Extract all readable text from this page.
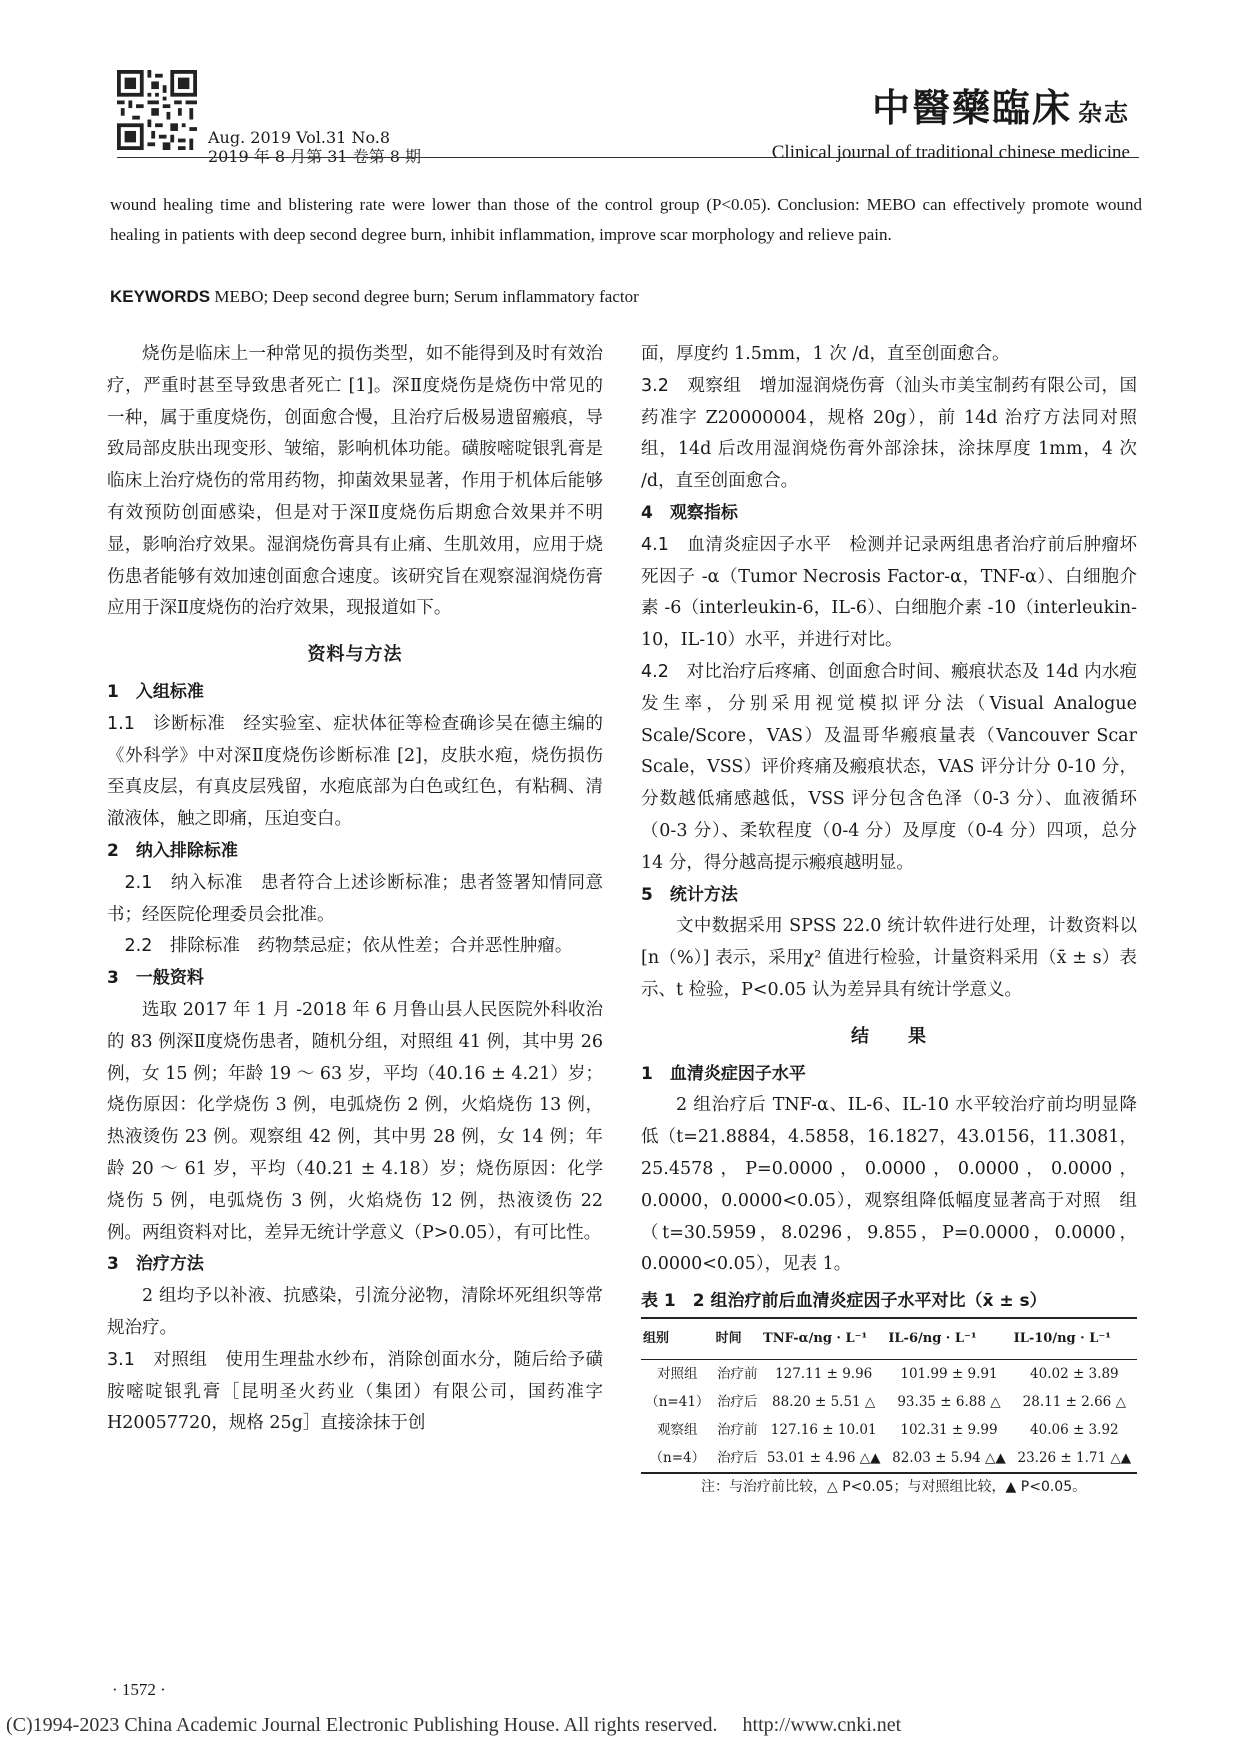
Aug. 2019 Vol.31 No.8
2019 年 8 月第 31 卷第 8 期
中醫藥臨床 杂志
Clinical journal of traditional chinese medicine
wound healing time and blistering rate were lower than those of the control group (P<0.05). Conclusion: MEBO can effectively promote wound healing in patients with deep second degree burn, inhibit inflammation, improve scar morphology and relieve pain.
KEYWORDS MEBO; Deep second degree burn; Serum inflammatory factor

烧伤是临床上一种常见的损伤类型，如不能得到及时有效治疗，严重时甚至导致患者死亡 [1]。深Ⅱ度烧伤是烧伤中常见的一种，属于重度烧伤，创面愈合慢，且治疗后极易遗留瘢痕，导致局部皮肤出现变形、皱缩，影响机体功能。磺胺嘧啶银乳膏是临床上治疗烧伤的常用药物，抑菌效果显著，作用于机体后能够有效预防创面感染，但是对于深Ⅱ度烧伤后期愈合效果并不明显，影响治疗效果。湿润烧伤膏具有止痛、生肌效用，应用于烧伤患者能够有效加速创面愈合速度。该研究旨在观察湿润烧伤膏应用于深Ⅱ度烧伤的治疗效果，现报道如下。

资料与方法

1　入组标准

1.1　诊断标准　经实验室、症状体征等检查确诊吴在德主编的《外科学》中对深Ⅱ度烧伤诊断标准 [2]，皮肤水疱，烧伤损伤至真皮层，有真皮层残留，水疱底部为白色或红色，有粘稠、清澈液体，触之即痛，压迫变白。

2　纳入排除标准

2.1　纳入标准　患者符合上述诊断标准；患者签署知情同意书；经医院伦理委员会批准。

2.2　排除标准　药物禁忌症；依从性差；合并恶性肿瘤。

3　一般资料

选取 2017 年 1 月 -2018 年 6 月鲁山县人民医院外科收治的 83 例深Ⅱ度烧伤患者，随机分组，对照组 41 例，其中男 26 例，女 15 例；年龄 19 ～ 63 岁，平均（40.16 ± 4.21）岁；烧伤原因：化学烧伤 3 例，电弧烧伤 2 例，火焰烧伤 13 例，热液烫伤 23 例。观察组 42 例，其中男 28 例，女 14 例；年龄 20 ～ 61 岁，平均（40.21 ± 4.18）岁；烧伤原因：化学烧伤 5 例，电弧烧伤 3 例，火焰烧伤 12 例，热液烫伤 22 例。两组资料对比，差异无统计学意义（P>0.05），有可比性。

3　治疗方法

2 组均予以补液、抗感染，引流分泌物，清除坏死组织等常规治疗。

3.1　对照组　使用生理盐水纱布，消除创面水分，随后给予磺胺嘧啶银乳膏［昆明圣火药业（集团）有限公司，国药准字 H20057720，规格 25g］直接涂抹于创

面，厚度约 1.5mm，1 次 /d，直至创面愈合。

3.2　观察组　增加湿润烧伤膏（汕头市美宝制药有限公司，国药准字 Z20000004，规格 20g），前 14d 治疗方法同对照组，14d 后改用湿润烧伤膏外部涂抹，涂抹厚度 1mm，4 次 /d，直至创面愈合。

4　观察指标

4.1　血清炎症因子水平　检测并记录两组患者治疗前后肿瘤坏死因子 -α（Tumor Necrosis Factor-α，TNF-α）、白细胞介素 -6（interleukin-6，IL-6）、白细胞介素 -10（interleukin-10，IL-10）水平，并进行对比。

4.2　对比治疗后疼痛、创面愈合时间、瘢痕状态及 14d 内水疱发生率，分别采用视觉模拟评分法（Visual Analogue Scale/Score，VAS）及温哥华瘢痕量表（Vancouver Scar Scale，VSS）评价疼痛及瘢痕状态，VAS 评分计分 0-10 分，分数越低痛感越低，VSS 评分包含色泽（0-3 分）、血液循环（0-3 分）、柔软程度（0-4 分）及厚度（0-4 分）四项，总分 14 分，得分越高提示瘢痕越明显。

5　统计方法

文中数据采用 SPSS 22.0 统计软件进行处理，计数资料以 [n（%）] 表示，采用χ² 值进行检验，计量资料采用（x̄ ± s）表示、t 检验，P<0.05 认为差异具有统计学意义。

结　　果

1　血清炎症因子水平

2 组治疗后 TNF-α、IL-6、IL-10 水平较治疗前均明显降低（t=21.8884，4.5858，16.1827，43.0156，11.3081，25.4578，P=0.0000，0.0000，0.0000，0.0000，0.0000，0.0000<0.05），观察组降低幅度显著高于对照　组（t=30.5959，8.0296，9.855，P=0.0000，0.0000，0.0000<0.05），见表 1。

表 1　2 组治疗前后血清炎症因子水平对比（x̄ ± s）
组别	时间	TNF-α/ng · L⁻¹	IL-6/ng · L⁻¹	IL-10/ng · L⁻¹
对照组	治疗前	127.11 ± 9.96	101.99 ± 9.91	40.02 ± 3.89
（n=41）	治疗后	88.20 ± 5.51 △	93.35 ± 6.88 △	28.11 ± 2.66 △
观察组	治疗前	127.16 ± 10.01	102.31 ± 9.99	40.06 ± 3.92
（n=4）	治疗后	53.01 ± 4.96 △▲	82.03 ± 5.94 △▲	23.26 ± 1.71 △▲
注：与治疗前比较，△ P<0.05；与对照组比较，▲ P<0.05。
· 1572 ·
(C)1994-2023 China Academic Journal Electronic Publishing House. All rights reserved.　 http://www.cnki.net
